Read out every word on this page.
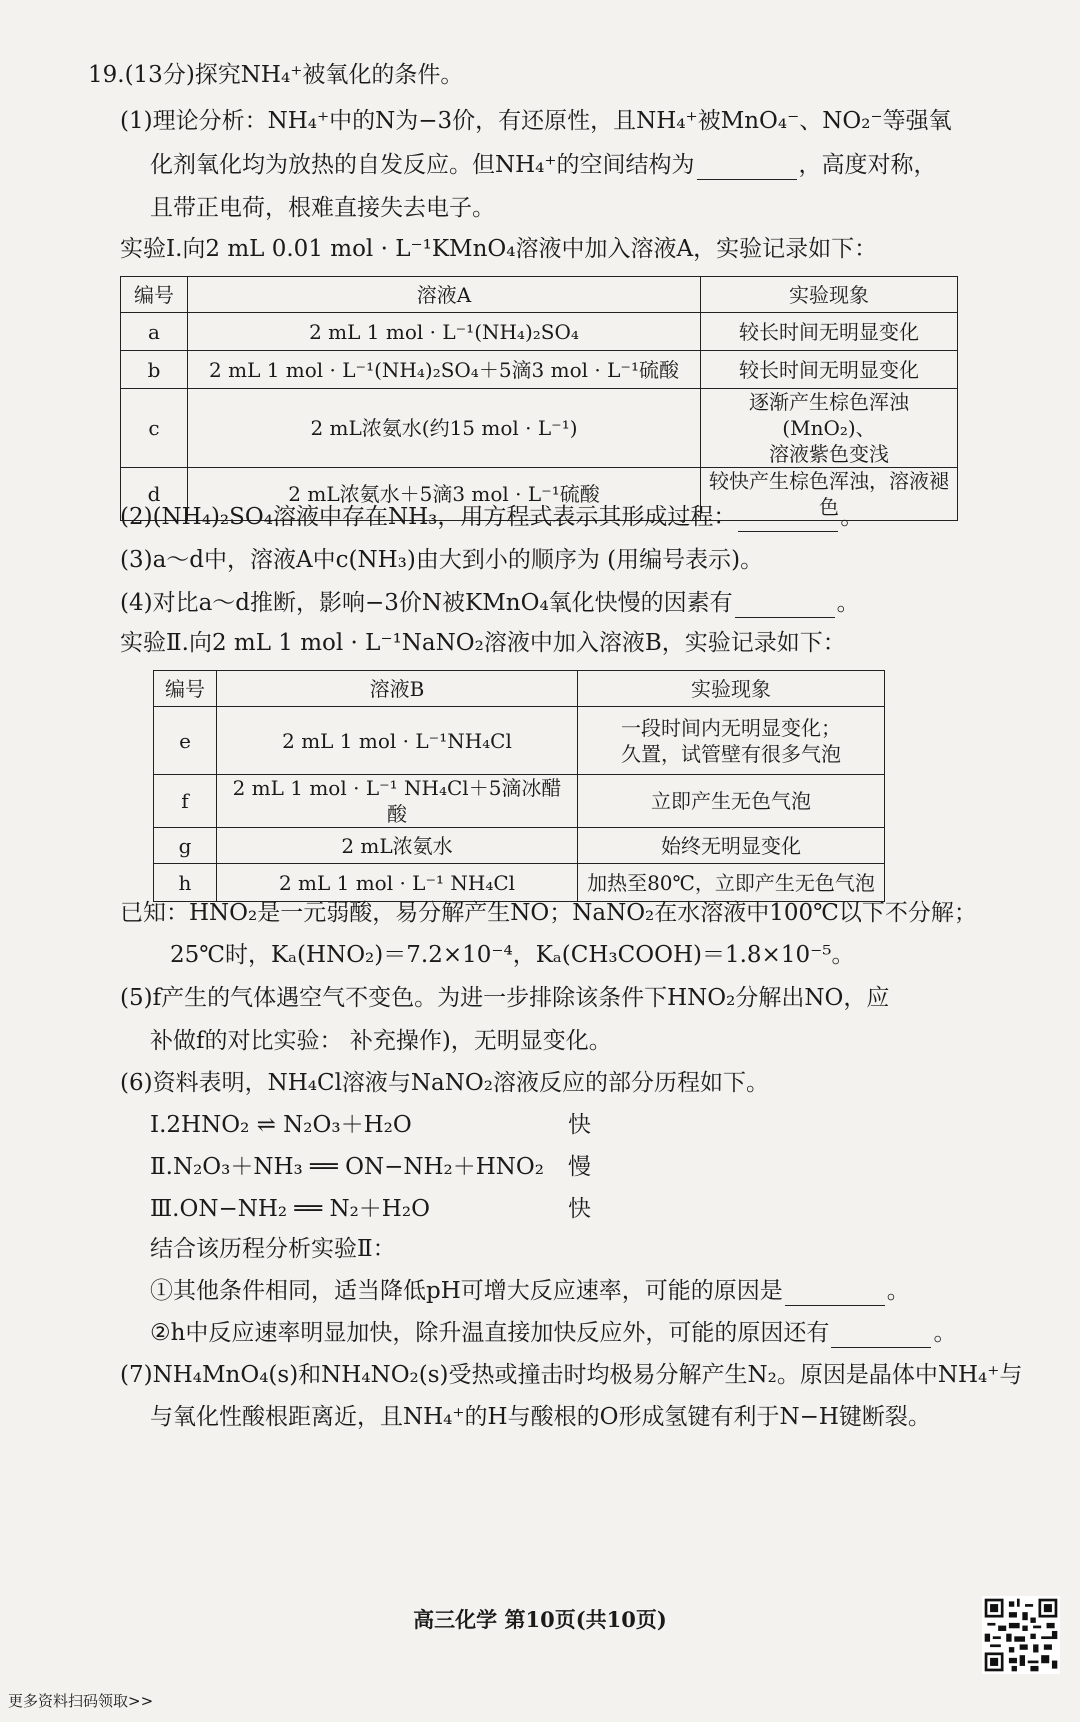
19.(13分)探究NH₄⁺被氧化的条件。
(1)理论分析：NH₄⁺中的N为−3价，有还原性，且NH₄⁺被MnO₄⁻、NO₂⁻等强氧
化剂氧化均为放热的自发反应。但NH₄⁺的空间结构为	，高度对称，
且带正电荷，根难直接失去电子。
实验Ⅰ.向2 mL 0.01 mol · L⁻¹KMnO₄溶液中加入溶液A，实验记录如下：
编号	溶液A	实验现象
a	2 mL 1 mol · L⁻¹(NH₄)₂SO₄	较长时间无明显变化
b	2 mL 1 mol · L⁻¹(NH₄)₂SO₄＋5滴3 mol · L⁻¹硫酸	较长时间无明显变化
c	2 mL浓氨水(约15 mol · L⁻¹)	逐渐产生棕色浑浊(MnO₂)、
溶液紫色变浅

d	2 mL浓氨水＋5滴3 mol · L⁻¹硫酸	较快产生棕色浑浊，溶液褪色
(2)(NH₄)₂SO₄溶液中存在NH₃，用方程式表示其形成过程：	。
(3)a～d中，溶液A中c(NH₃)由大到小的顺序为 (用编号表示)。
(4)对比a～d推断，影响−3价N被KMnO₄氧化快慢的因素有	。
实验Ⅱ.向2 mL 1 mol · L⁻¹NaNO₂溶液中加入溶液B，实验记录如下：
编号	溶液B	实验现象
e	2 mL 1 mol · L⁻¹NH₄Cl	一段时间内无明显变化；
久置，试管壁有很多气泡

f	2 mL 1 mol · L⁻¹ NH₄Cl＋5滴冰醋酸	立即产生无色气泡
g	2 mL浓氨水	始终无明显变化
h	2 mL 1 mol · L⁻¹ NH₄Cl	加热至80℃，立即产生无色气泡
已知：HNO₂是一元弱酸，易分解产生NO；NaNO₂在水溶液中100℃以下不分解；
25℃时，Kₐ(HNO₂)＝7.2×10⁻⁴，Kₐ(CH₃COOH)＝1.8×10⁻⁵。
(5)f产生的气体遇空气不变色。为进一步排除该条件下HNO₂分解出NO，应
补做f的对比实验： 补充操作)，无明显变化。
(6)资料表明，NH₄Cl溶液与NaNO₂溶液反应的部分历程如下。
Ⅰ.2HNO₂ ⇌ N₂O₃＋H₂O	快
Ⅱ.N₂O₃＋NH₃ ══ ON−NH₂＋HNO₂ 慢
Ⅲ.ON−NH₂ ══ N₂＋H₂O	快
结合该历程分析实验Ⅱ：
①其他条件相同，适当降低pH可增大反应速率，可能的原因是	。
②h中反应速率明显加快，除升温直接加快反应外，可能的原因还有	。
(7)NH₄MnO₄(s)和NH₄NO₂(s)受热或撞击时均极易分解产生N₂。原因是晶体中NH₄⁺与
与氧化性酸根距离近，且NH₄⁺的H与酸根的O形成氢键有利于N−H键断裂。
高三化学 第10页(共10页)
更多资料扫码领取>>
